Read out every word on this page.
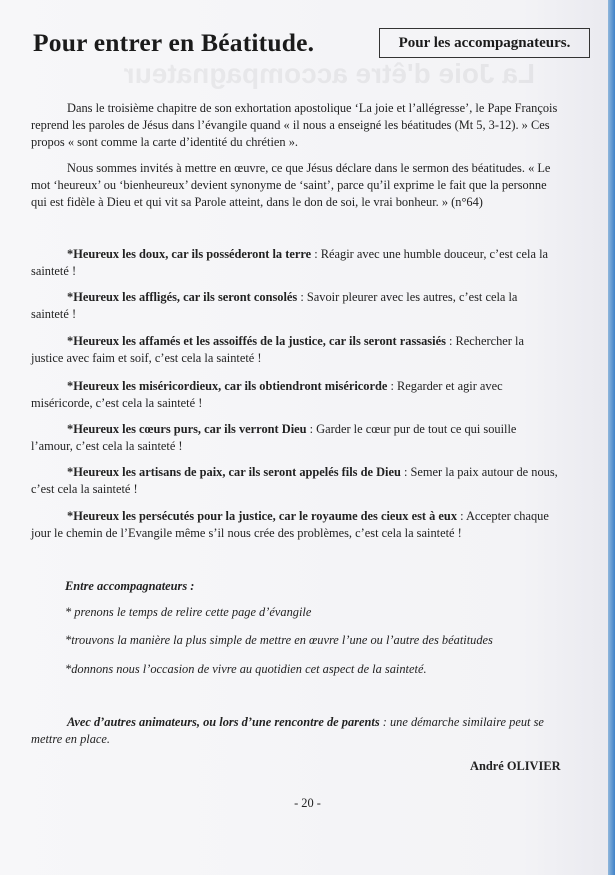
La Joie d'être accompagnateur
Pour entrer en Béatitude.	Pour les accompagnateurs.

Dans le troisième chapitre de son exhortation apostolique ‘La joie et l’allégresse’, le Pape François reprend les paroles de Jésus dans l’évangile quand « il nous a enseigné les béatitudes (Mt 5, 3-12). » Ces propos « sont comme la carte d’identité du chrétien ».

Nous sommes invités à mettre en œuvre, ce que Jésus déclare dans le sermon des béatitudes. « Le mot ‘heureux’ ou ‘bienheureux’ devient synonyme de ‘saint’, parce qu’il exprime le fait que la personne qui est fidèle à Dieu et qui vit sa Parole atteint, dans le don de soi, le vrai bonheur. » (n°64)

*Heureux les doux, car ils posséderont la terre : Réagir avec une humble douceur, c’est cela la sainteté !

*Heureux les affligés, car ils seront consolés : Savoir pleurer avec les autres, c’est cela la sainteté !

*Heureux les affamés et les assoiffés de la justice, car ils seront rassasiés : Rechercher la justice avec faim et soif, c’est cela la sainteté !

*Heureux les miséricordieux, car ils obtiendront miséricorde : Regarder et agir avec miséricorde, c’est cela la sainteté !

*Heureux les cœurs purs, car ils verront Dieu : Garder le cœur pur de tout ce qui souille l’amour, c’est cela la sainteté !

*Heureux les artisans de paix, car ils seront appelés fils de Dieu : Semer la paix autour de nous, c’est cela la sainteté !

*Heureux les persécutés pour la justice, car le royaume des cieux est à eux : Accepter chaque jour le chemin de l’Evangile même s’il nous crée des problèmes, c’est cela la sainteté !

Entre accompagnateurs :

* prenons le temps de relire cette page d’évangile

*trouvons la manière la plus simple de mettre en œuvre l’une ou l’autre des béatitudes

*donnons nous l’occasion de vivre au quotidien cet aspect de la sainteté.

Avec d’autres animateurs, ou lors d’une rencontre de parents : une démarche similaire peut se mettre en place.

André OLIVIER

- 20 -
